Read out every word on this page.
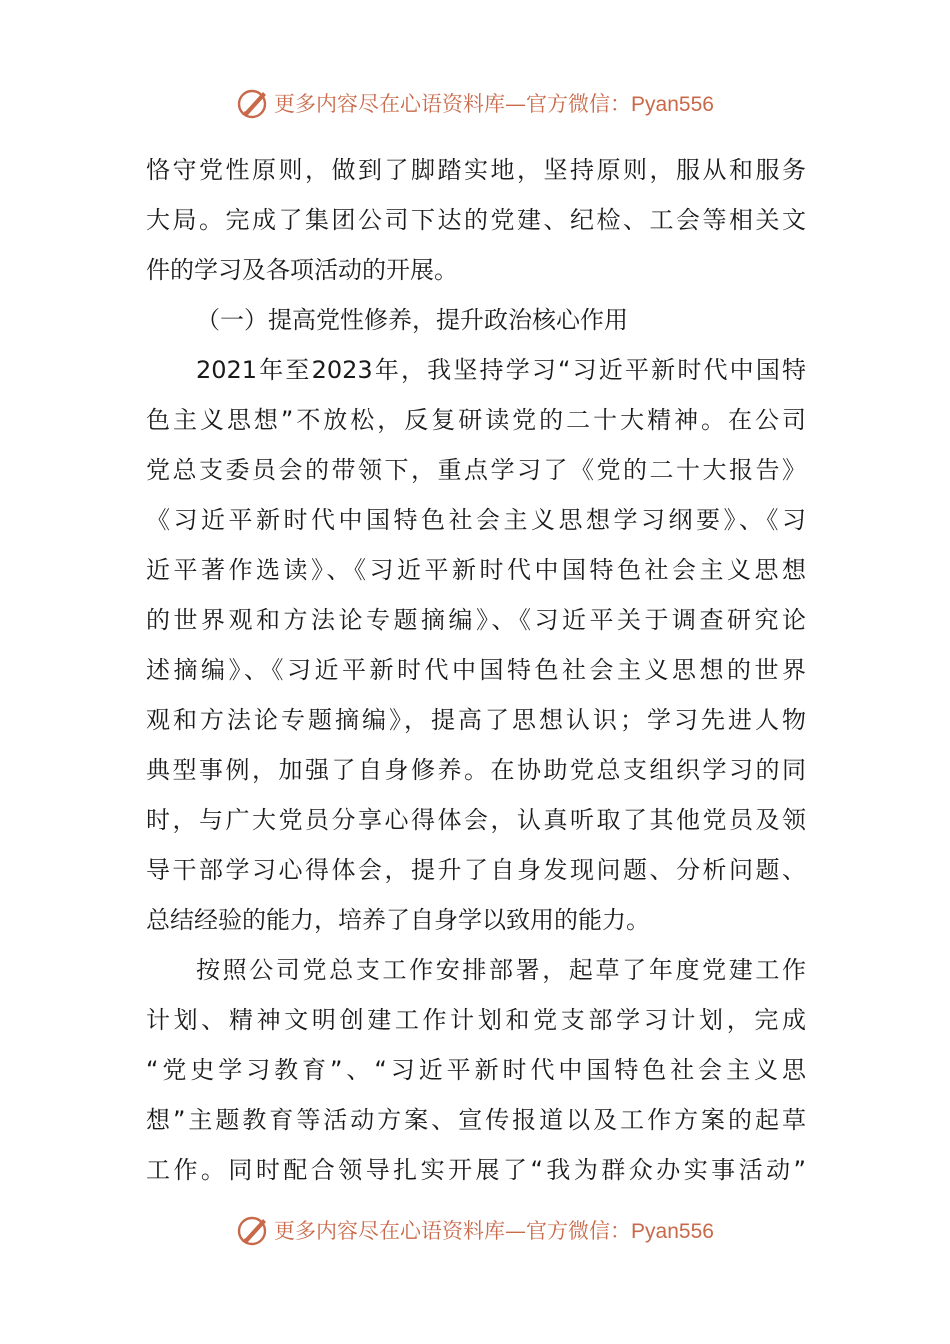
更多内容尽在心语资料库—官方微信：Pyan556
恪守党性原则，做到了脚踏实地，坚持原则，服从和服务
大局。完成了集团公司下达的党建、纪检、工会等相关文
件的学习及各项活动的开展。
（一）提高党性修养，提升政治核心作用
2021年至2023年，我坚持学习“习近平新时代中国特
色主义思想”不放松，反复研读党的二十大精神。在公司
党总支委员会的带领下，重点学习了《党的二十大报告》
《习近平新时代中国特色社会主义思想学习纲要》、《习
近平著作选读》、《习近平新时代中国特色社会主义思想
的世界观和方法论专题摘编》、《习近平关于调查研究论
述摘编》、《习近平新时代中国特色社会主义思想的世界
观和方法论专题摘编》，提高了思想认识；学习先进人物
典型事例，加强了自身修养。在协助党总支组织学习的同
时，与广大党员分享心得体会，认真听取了其他党员及领
导干部学习心得体会，提升了自身发现问题、分析问题、
总结经验的能力，培养了自身学以致用的能力。
按照公司党总支工作安排部署，起草了年度党建工作
计划、精神文明创建工作计划和党支部学习计划，完成
“党史学习教育”、“习近平新时代中国特色社会主义思
想”主题教育等活动方案、宣传报道以及工作方案的起草
工作。同时配合领导扎实开展了“我为群众办实事活动”
更多内容尽在心语资料库—官方微信：Pyan556
